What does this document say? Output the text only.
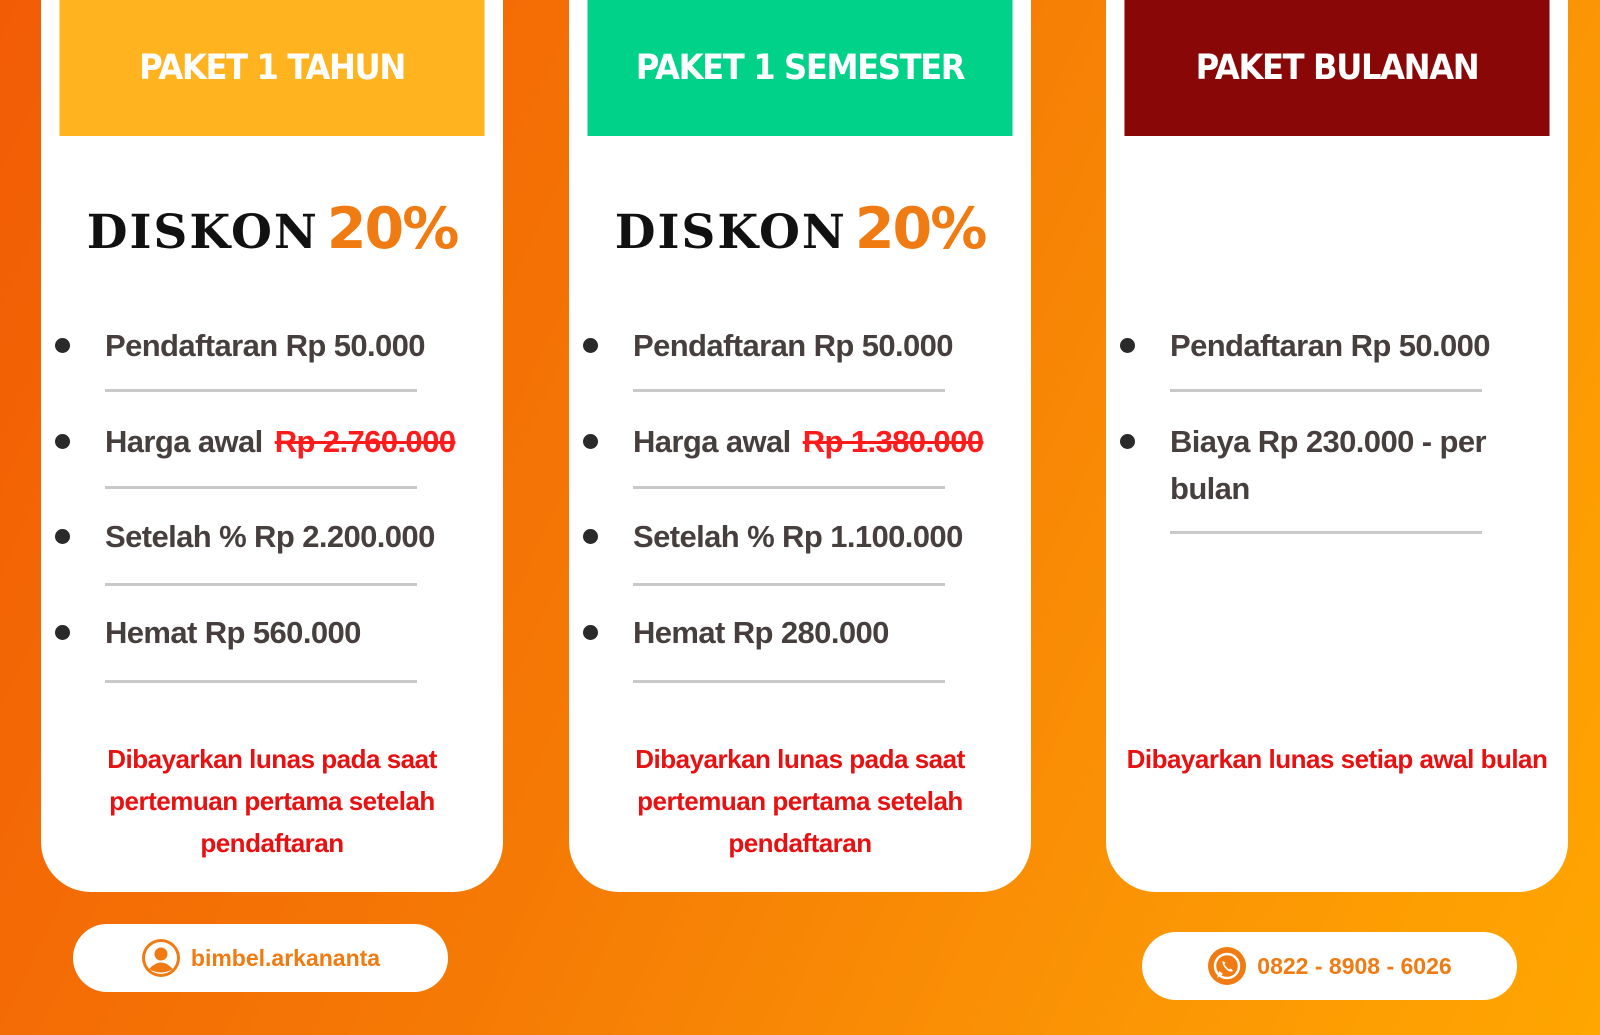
PAKET 1 TAHUN
DISKON 20%
Pendaftaran Rp 50.000
Harga awal Rp 2.760.000
Setelah % Rp 2.200.000
Hemat Rp 560.000
Dibayarkan lunas pada saat
pertemuan pertama setelah
pendaftaran
PAKET 1 SEMESTER
DISKON 20%
Pendaftaran Rp 50.000
Harga awal Rp 1.380.000
Setelah % Rp 1.100.000
Hemat Rp 280.000
Dibayarkan lunas pada saat
pertemuan pertama setelah
pendaftaran
PAKET BULANAN
Pendaftaran Rp 50.000
Biaya Rp 230.000 - per
bulan
Dibayarkan lunas setiap awal bulan
bimbel.arkananta	0822 - 8908 - 6026
